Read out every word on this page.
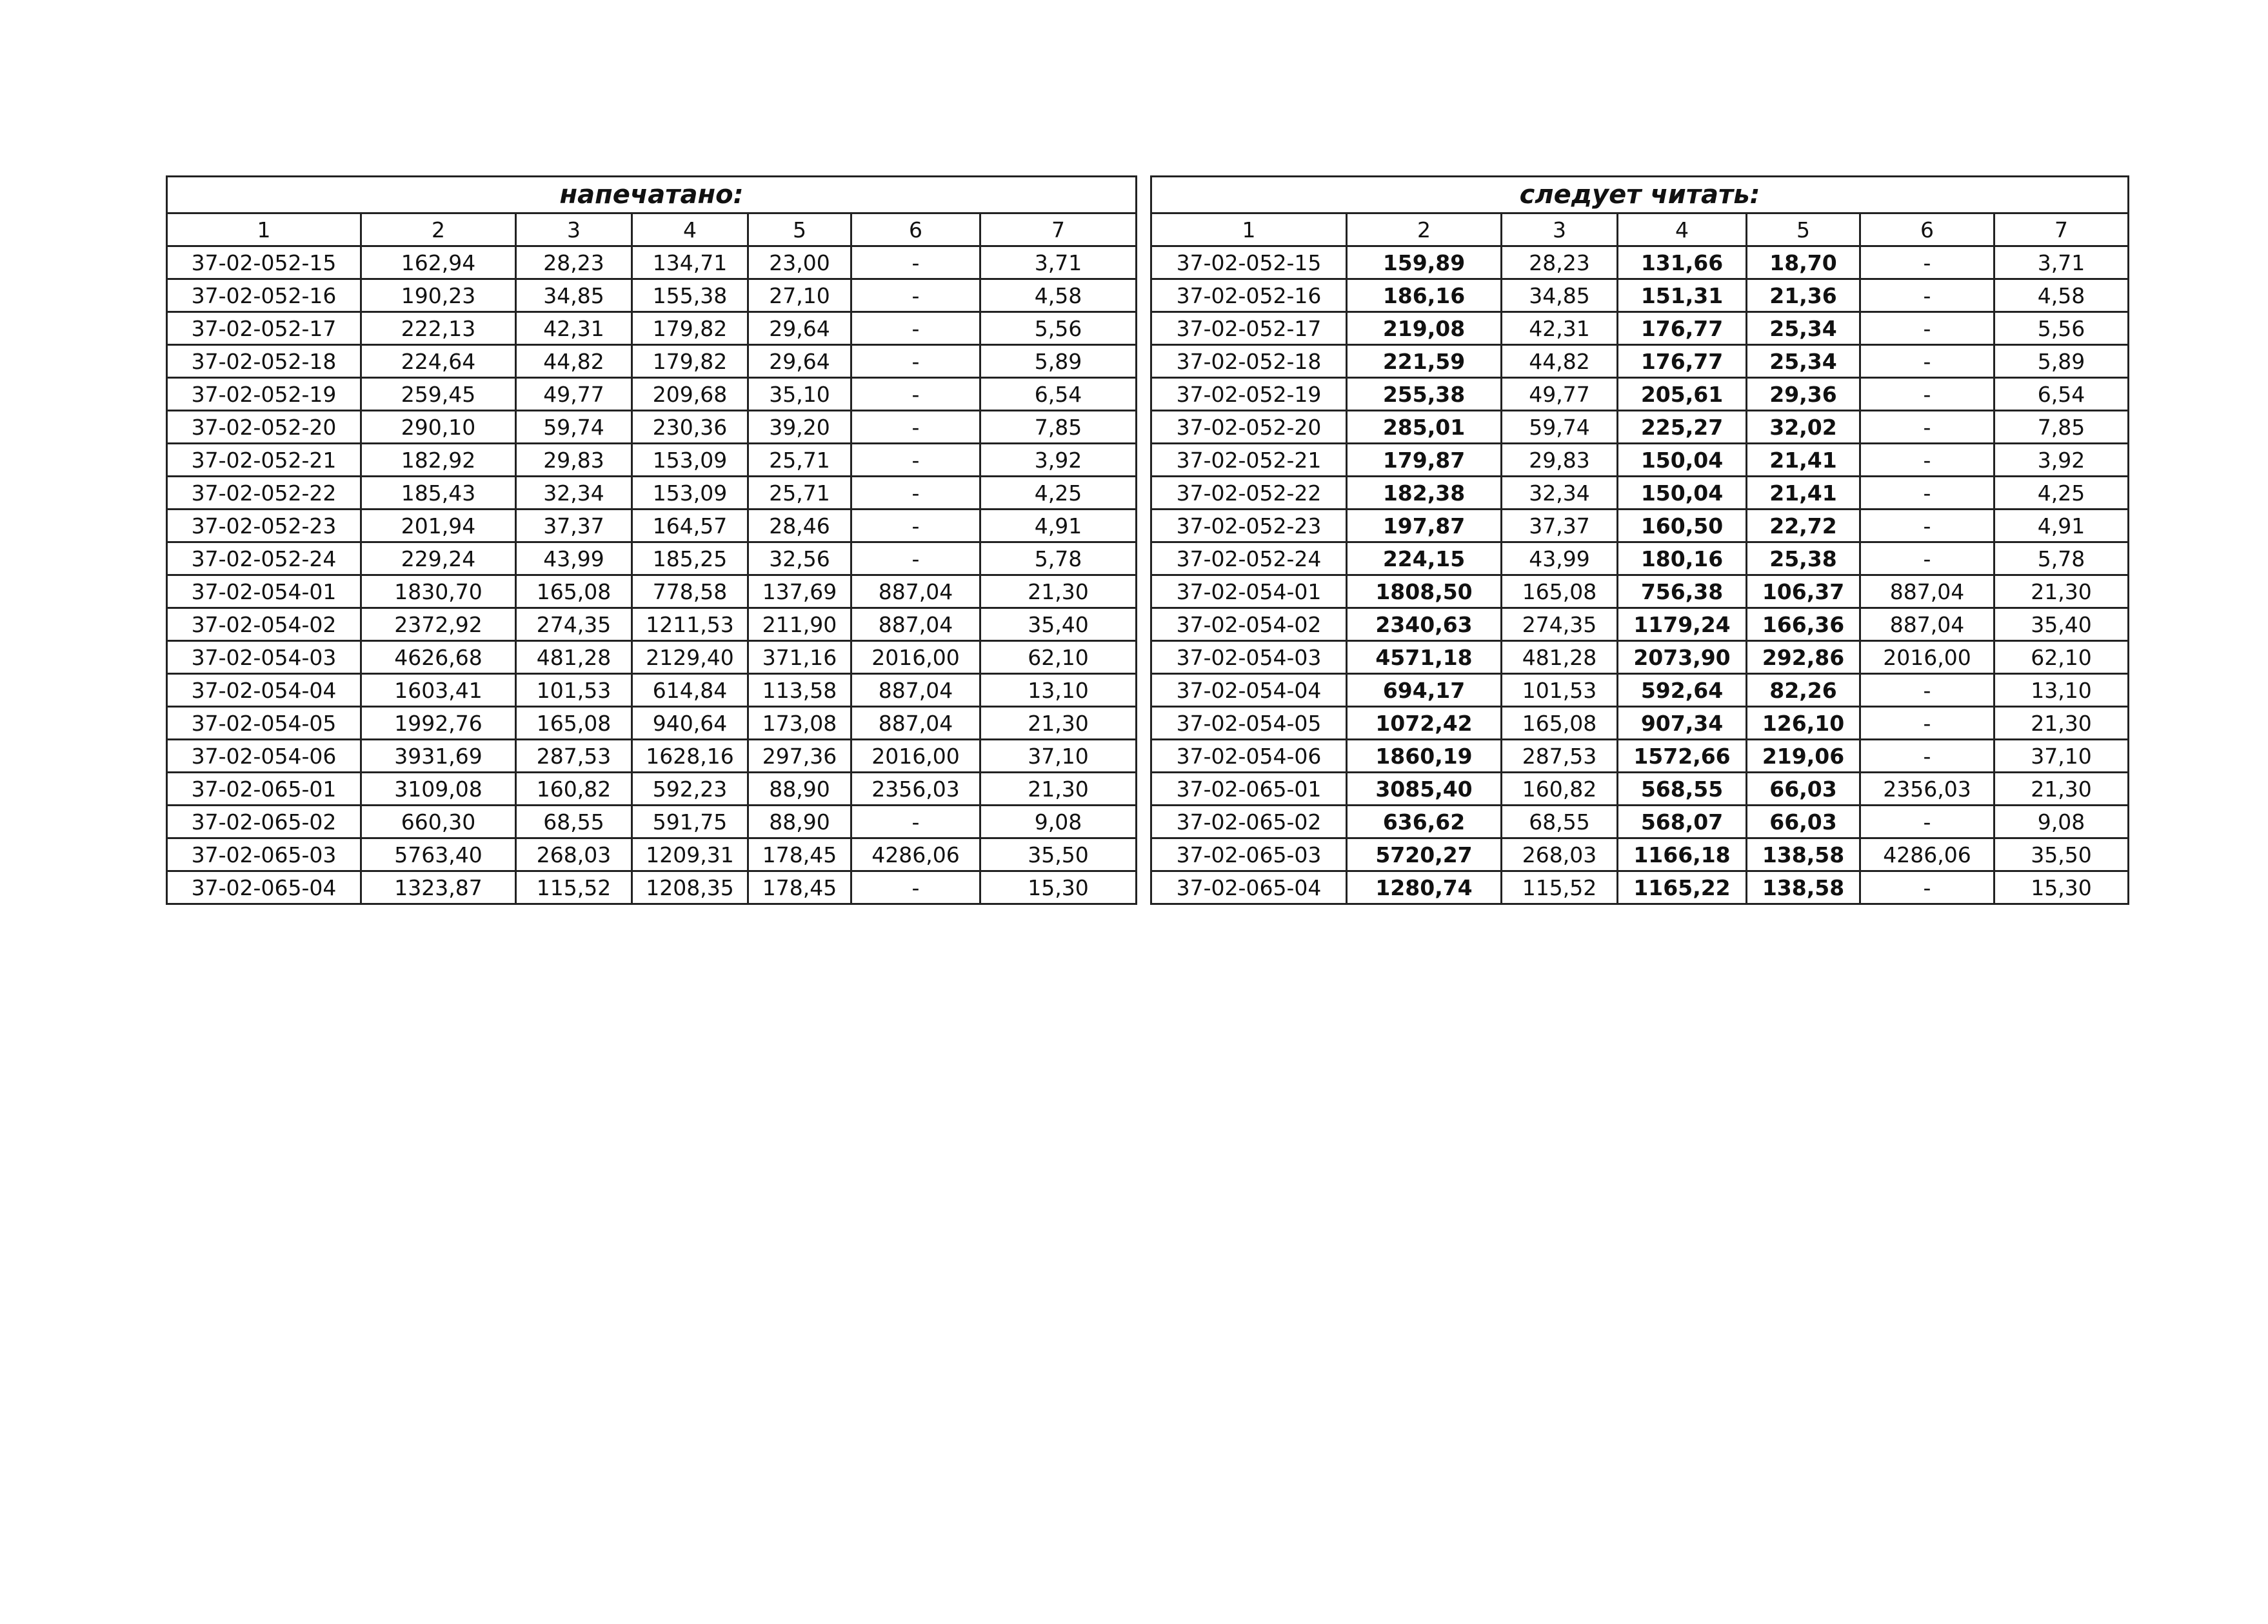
напечатано:						
1	2	3	4	5	6	7
37-02-052-15	162,94	28,23	134,71	23,00	-	3,71
37-02-052-16	190,23	34,85	155,38	27,10	-	4,58
37-02-052-17	222,13	42,31	179,82	29,64	-	5,56
37-02-052-18	224,64	44,82	179,82	29,64	-	5,89
37-02-052-19	259,45	49,77	209,68	35,10	-	6,54
37-02-052-20	290,10	59,74	230,36	39,20	-	7,85
37-02-052-21	182,92	29,83	153,09	25,71	-	3,92
37-02-052-22	185,43	32,34	153,09	25,71	-	4,25
37-02-052-23	201,94	37,37	164,57	28,46	-	4,91
37-02-052-24	229,24	43,99	185,25	32,56	-	5,78
37-02-054-01	1830,70	165,08	778,58	137,69	887,04	21,30
37-02-054-02	2372,92	274,35	1211,53	211,90	887,04	35,40
37-02-054-03	4626,68	481,28	2129,40	371,16	2016,00	62,10
37-02-054-04	1603,41	101,53	614,84	113,58	887,04	13,10
37-02-054-05	1992,76	165,08	940,64	173,08	887,04	21,30
37-02-054-06	3931,69	287,53	1628,16	297,36	2016,00	37,10
37-02-065-01	3109,08	160,82	592,23	88,90	2356,03	21,30
37-02-065-02	660,30	68,55	591,75	88,90	-	9,08
37-02-065-03	5763,40	268,03	1209,31	178,45	4286,06	35,50
37-02-065-04	1323,87	115,52	1208,35	178,45	-	15,30
следует читать:						
1	2	3	4	5	6	7
37-02-052-15	159,89	28,23	131,66	18,70	-	3,71
37-02-052-16	186,16	34,85	151,31	21,36	-	4,58
37-02-052-17	219,08	42,31	176,77	25,34	-	5,56
37-02-052-18	221,59	44,82	176,77	25,34	-	5,89
37-02-052-19	255,38	49,77	205,61	29,36	-	6,54
37-02-052-20	285,01	59,74	225,27	32,02	-	7,85
37-02-052-21	179,87	29,83	150,04	21,41	-	3,92
37-02-052-22	182,38	32,34	150,04	21,41	-	4,25
37-02-052-23	197,87	37,37	160,50	22,72	-	4,91
37-02-052-24	224,15	43,99	180,16	25,38	-	5,78
37-02-054-01	1808,50	165,08	756,38	106,37	887,04	21,30
37-02-054-02	2340,63	274,35	1179,24	166,36	887,04	35,40
37-02-054-03	4571,18	481,28	2073,90	292,86	2016,00	62,10
37-02-054-04	694,17	101,53	592,64	82,26	-	13,10
37-02-054-05	1072,42	165,08	907,34	126,10	-	21,30
37-02-054-06	1860,19	287,53	1572,66	219,06	-	37,10
37-02-065-01	3085,40	160,82	568,55	66,03	2356,03	21,30
37-02-065-02	636,62	68,55	568,07	66,03	-	9,08
37-02-065-03	5720,27	268,03	1166,18	138,58	4286,06	35,50
37-02-065-04	1280,74	115,52	1165,22	138,58	-	15,30
